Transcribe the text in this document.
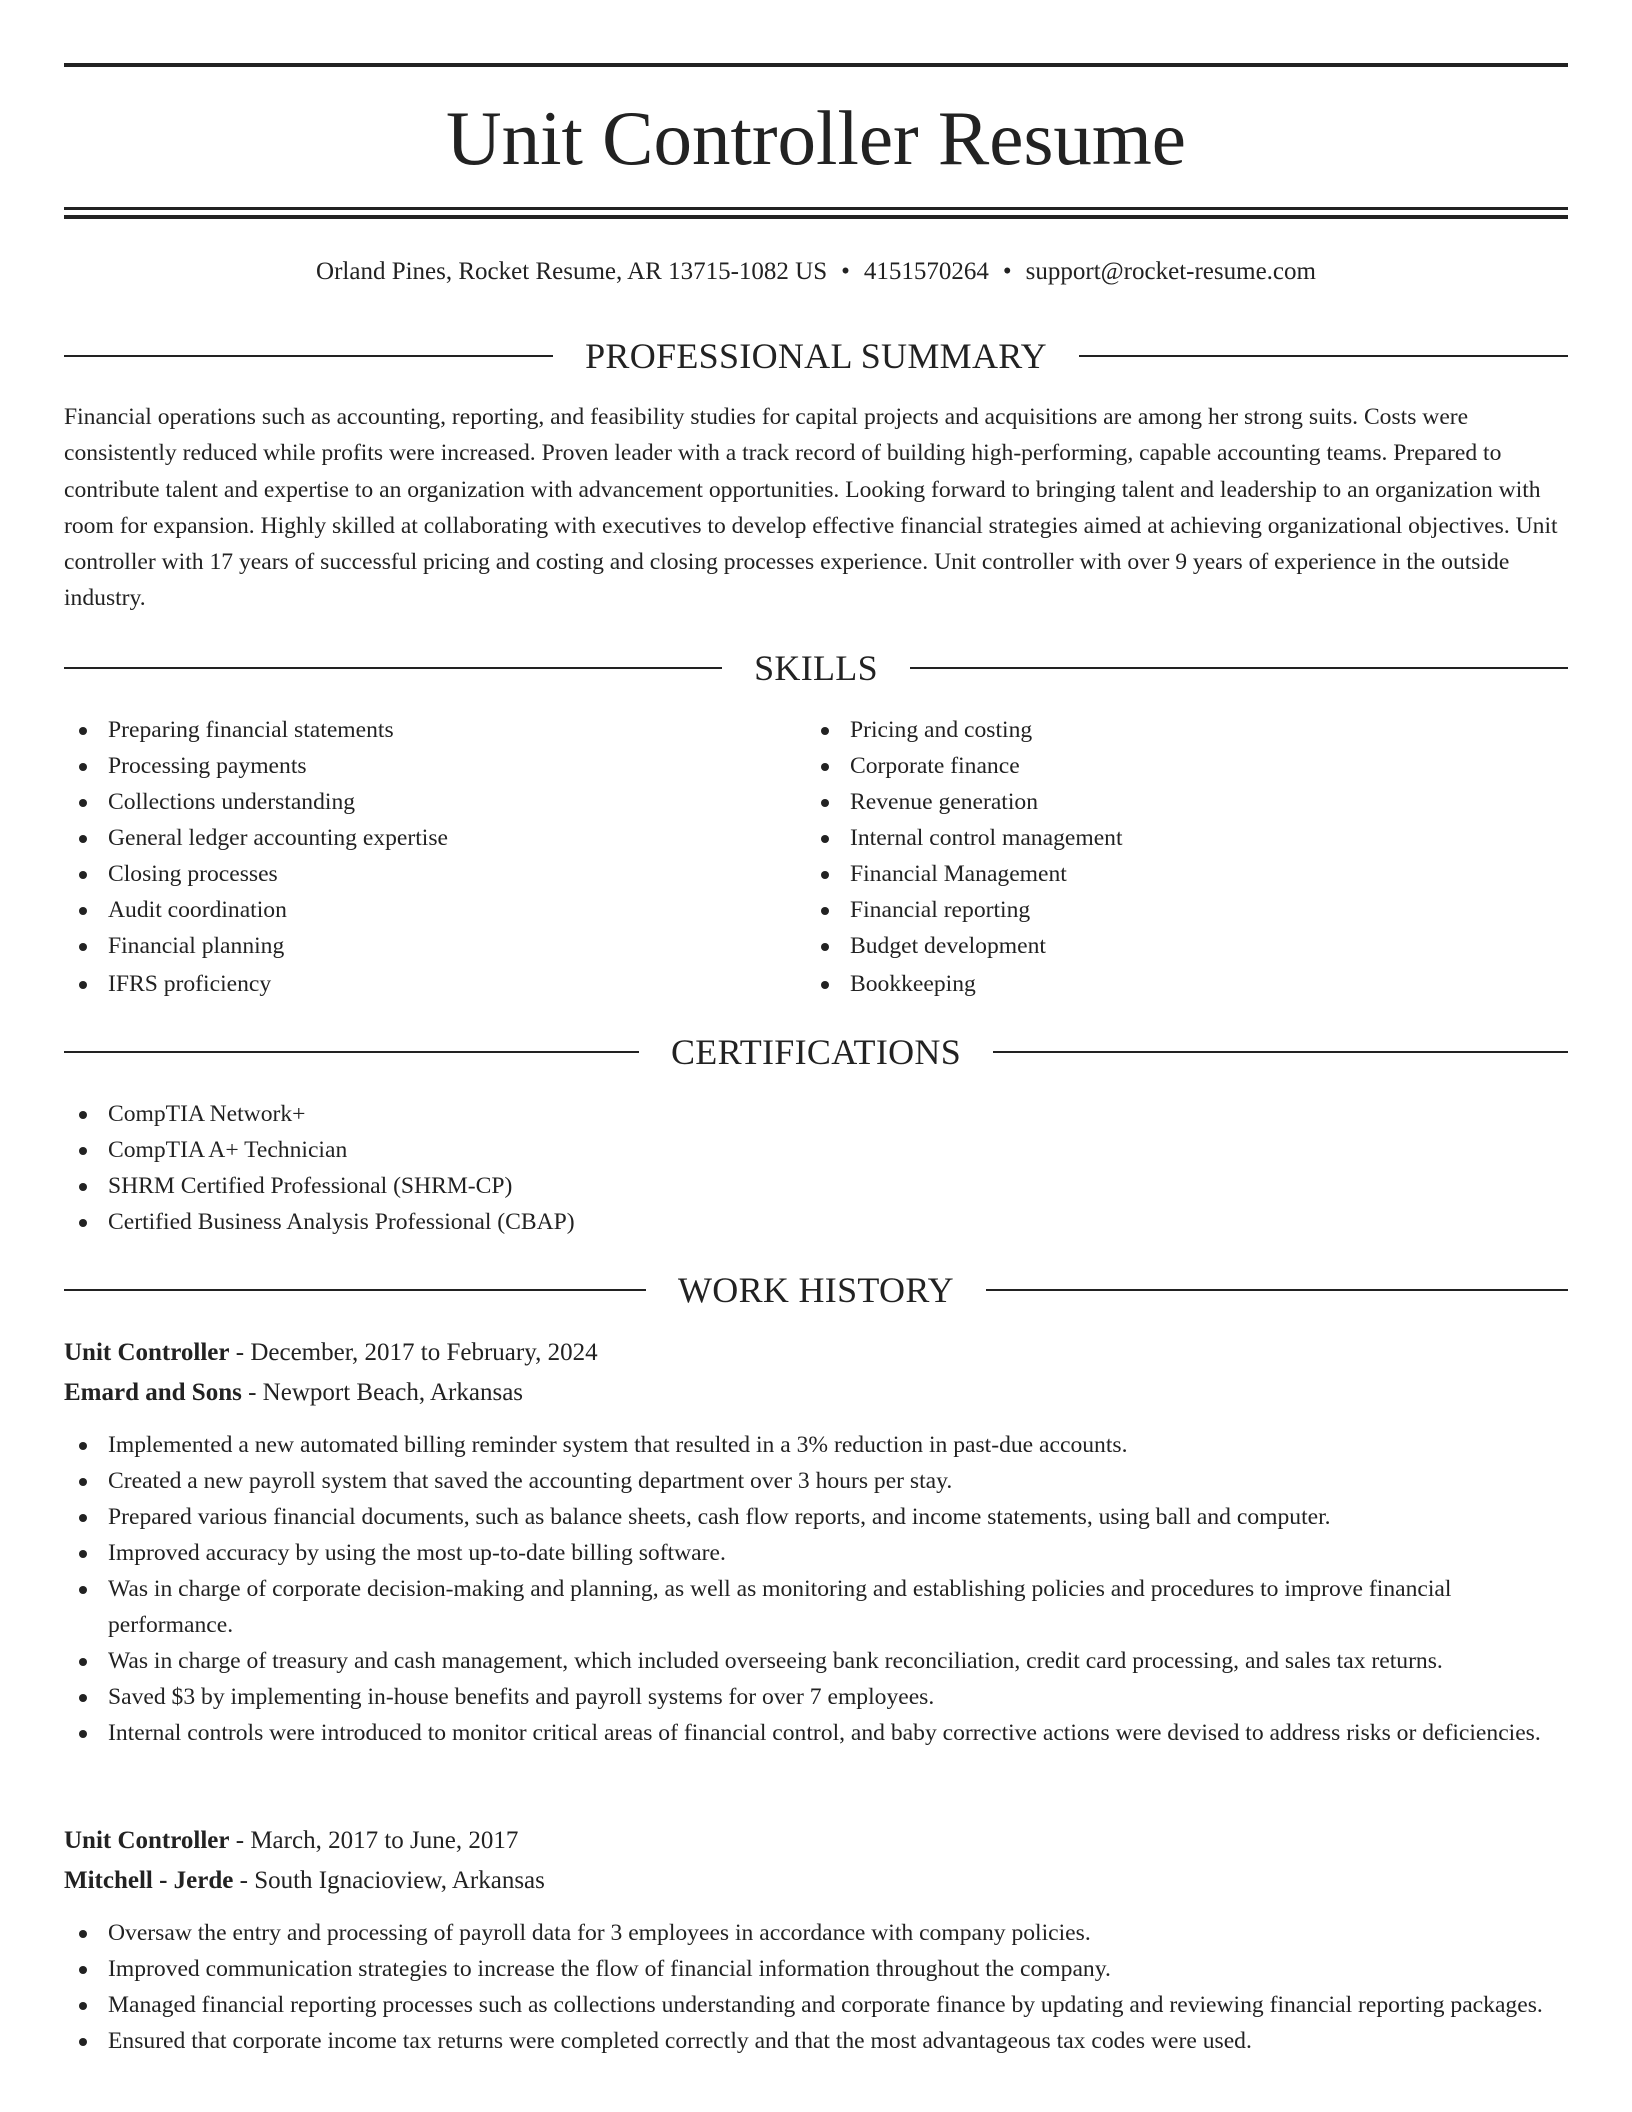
Unit Controller Resume
Orland Pines, Rocket Resume, AR 13715-1082 US • 4151570264 • support@rocket-resume.com
PROFESSIONAL SUMMARY

Financial operations such as accounting, reporting, and feasibility studies for capital projects and acquisitions are among her strong suits. Costs were consistently reduced while profits were increased. Proven leader with a track record of building high-performing, capable accounting teams. Prepared to contribute talent and expertise to an organization with advancement opportunities. Looking forward to bringing talent and leadership to an organization with room for expansion. Highly skilled at collaborating with executives to develop effective financial strategies aimed at achieving organizational objectives. Unit controller with 17 years of successful pricing and costing and closing processes experience. Unit controller with over 9 years of experience in the outside industry.

SKILLS
Preparing financial statements
Processing payments
Collections understanding
General ledger accounting expertise
Closing processes
Audit coordination
Financial planning
IFRS proficiency
Pricing and costing
Corporate finance
Revenue generation
Internal control management
Financial Management
Financial reporting
Budget development
Bookkeeping
CERTIFICATIONS
CompTIA Network+
CompTIA A+ Technician
SHRM Certified Professional (SHRM-CP)
Certified Business Analysis Professional (CBAP)
WORK HISTORY
Unit Controller - December, 2017 to February, 2024
Emard and Sons - Newport Beach, Arkansas
Implemented a new automated billing reminder system that resulted in a 3% reduction in past-due accounts.
Created a new payroll system that saved the accounting department over 3 hours per stay.
Prepared various financial documents, such as balance sheets, cash flow reports, and income statements, using ball and computer.
Improved accuracy by using the most up-to-date billing software.
Was in charge of corporate decision-making and planning, as well as monitoring and establishing policies and procedures to improve financial performance.
Was in charge of treasury and cash management, which included overseeing bank reconciliation, credit card processing, and sales tax returns.
Saved $3 by implementing in-house benefits and payroll systems for over 7 employees.
Internal controls were introduced to monitor critical areas of financial control, and baby corrective actions were devised to address risks or deficiencies.
Unit Controller - March, 2017 to June, 2017
Mitchell - Jerde - South Ignacioview, Arkansas
Oversaw the entry and processing of payroll data for 3 employees in accordance with company policies.
Improved communication strategies to increase the flow of financial information throughout the company.
Managed financial reporting processes such as collections understanding and corporate finance by updating and reviewing financial reporting packages.
Ensured that corporate income tax returns were completed correctly and that the most advantageous tax codes were used.
